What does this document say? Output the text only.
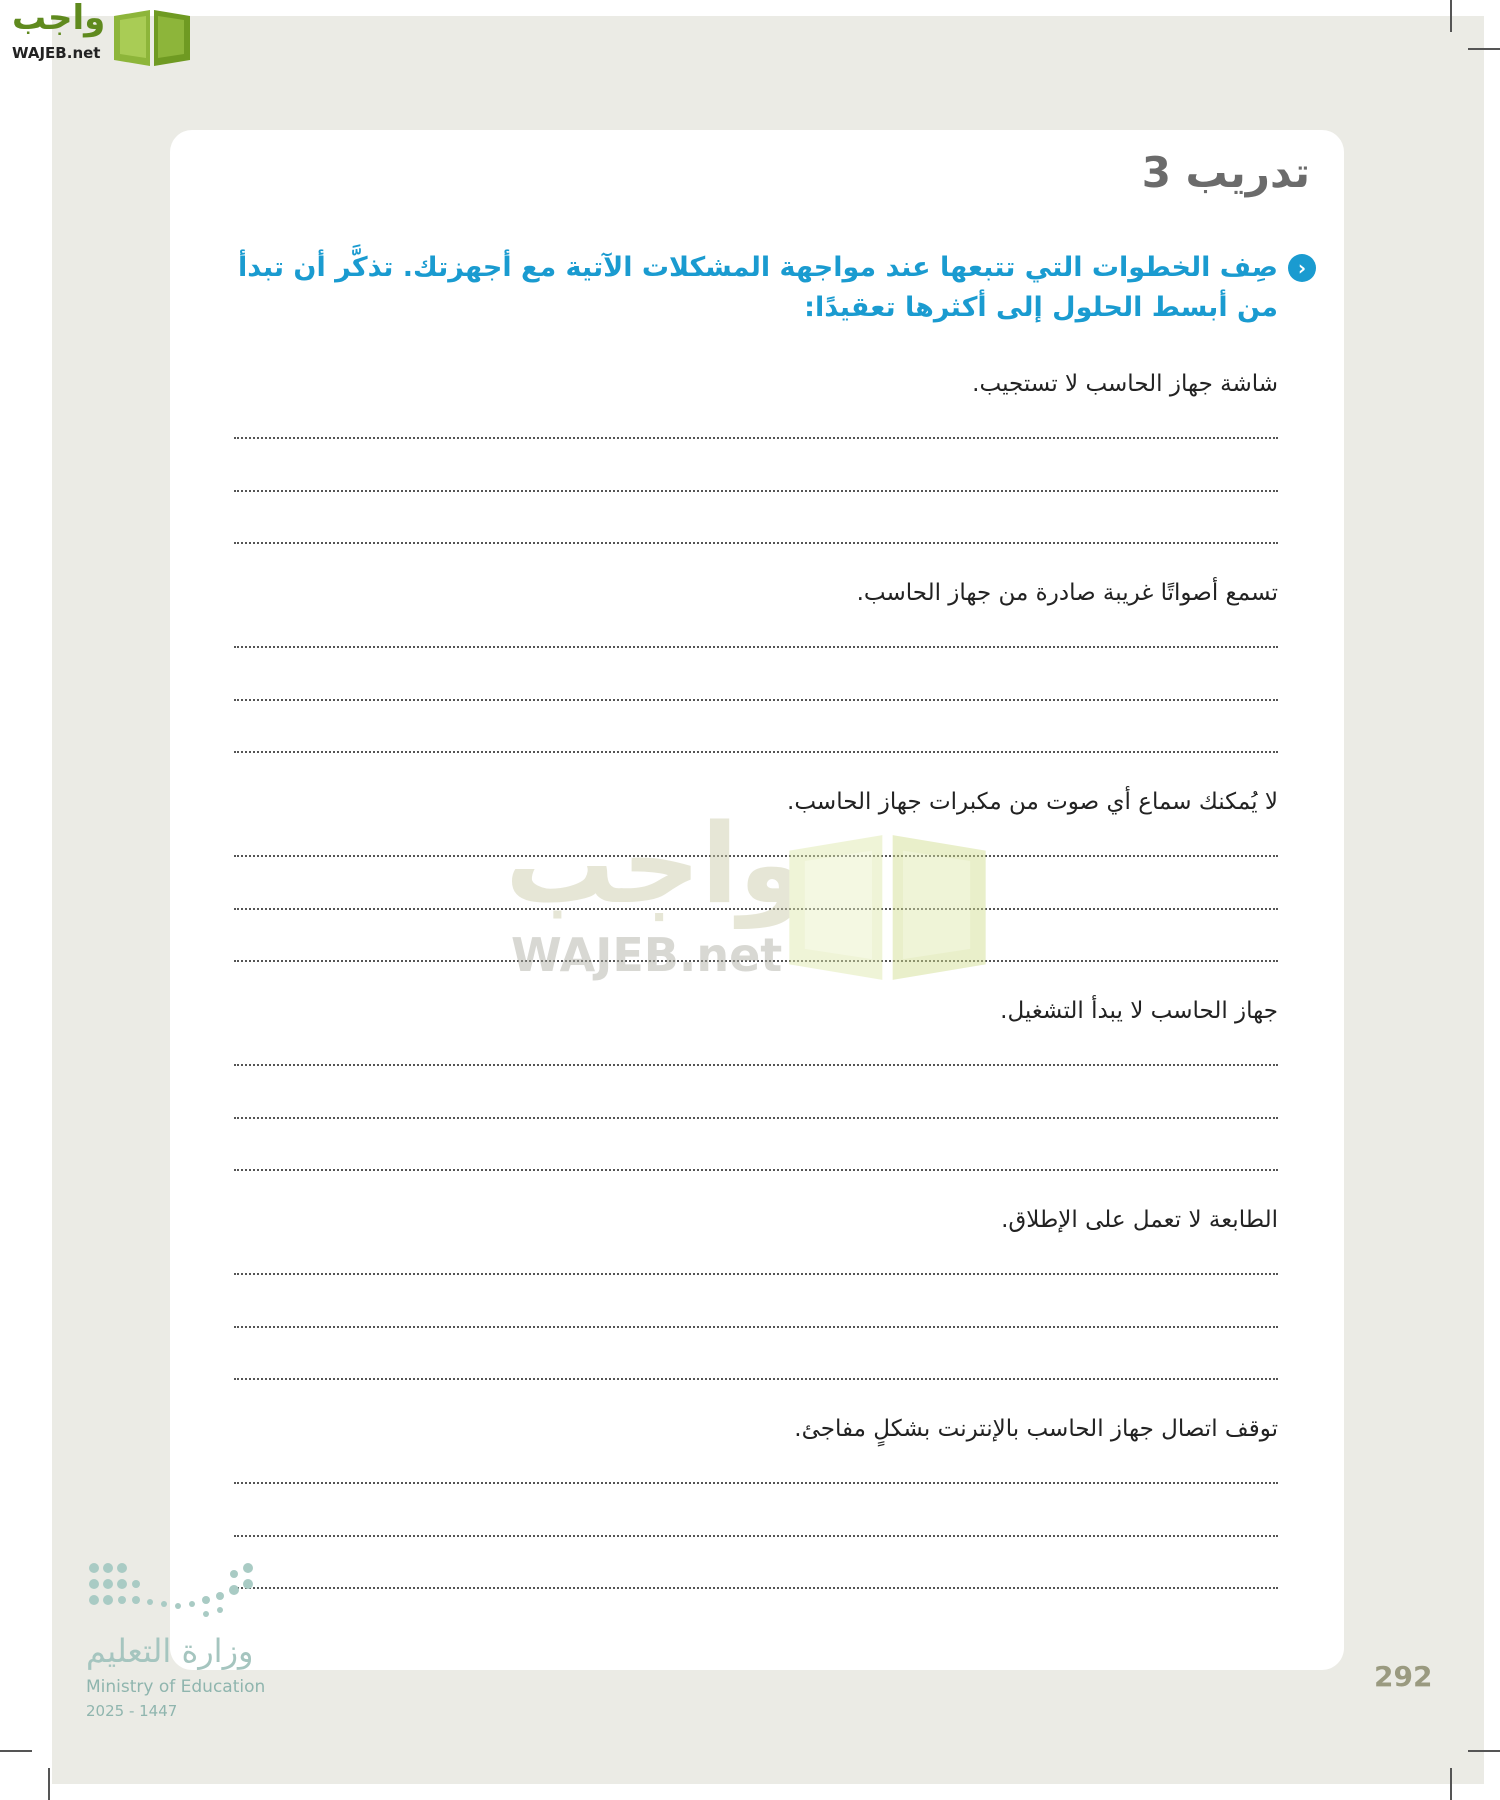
واجب
WAJEB.net
تدريب 3

‹
صِف الخطوات التي تتبعها عند مواجهة المشكلات الآتية مع أجهزتك. تذكَّر أن تبدأ من أبسط الحلول إلى أكثرها تعقيدًا:

شاشة جهاز الحاسب لا تستجيب.

تسمع أصواتًا غريبة صادرة من جهاز الحاسب.

لا يُمكنك سماع أي صوت من مكبرات جهاز الحاسب.

جهاز الحاسب لا يبدأ التشغيل.

الطابعة لا تعمل على الإطلاق.

توقف اتصال جهاز الحاسب بالإنترنت بشكلٍ مفاجئ.

واجب
WAJEB.net
292
وزارة التعليم
Ministry of Education
2025 - 1447
